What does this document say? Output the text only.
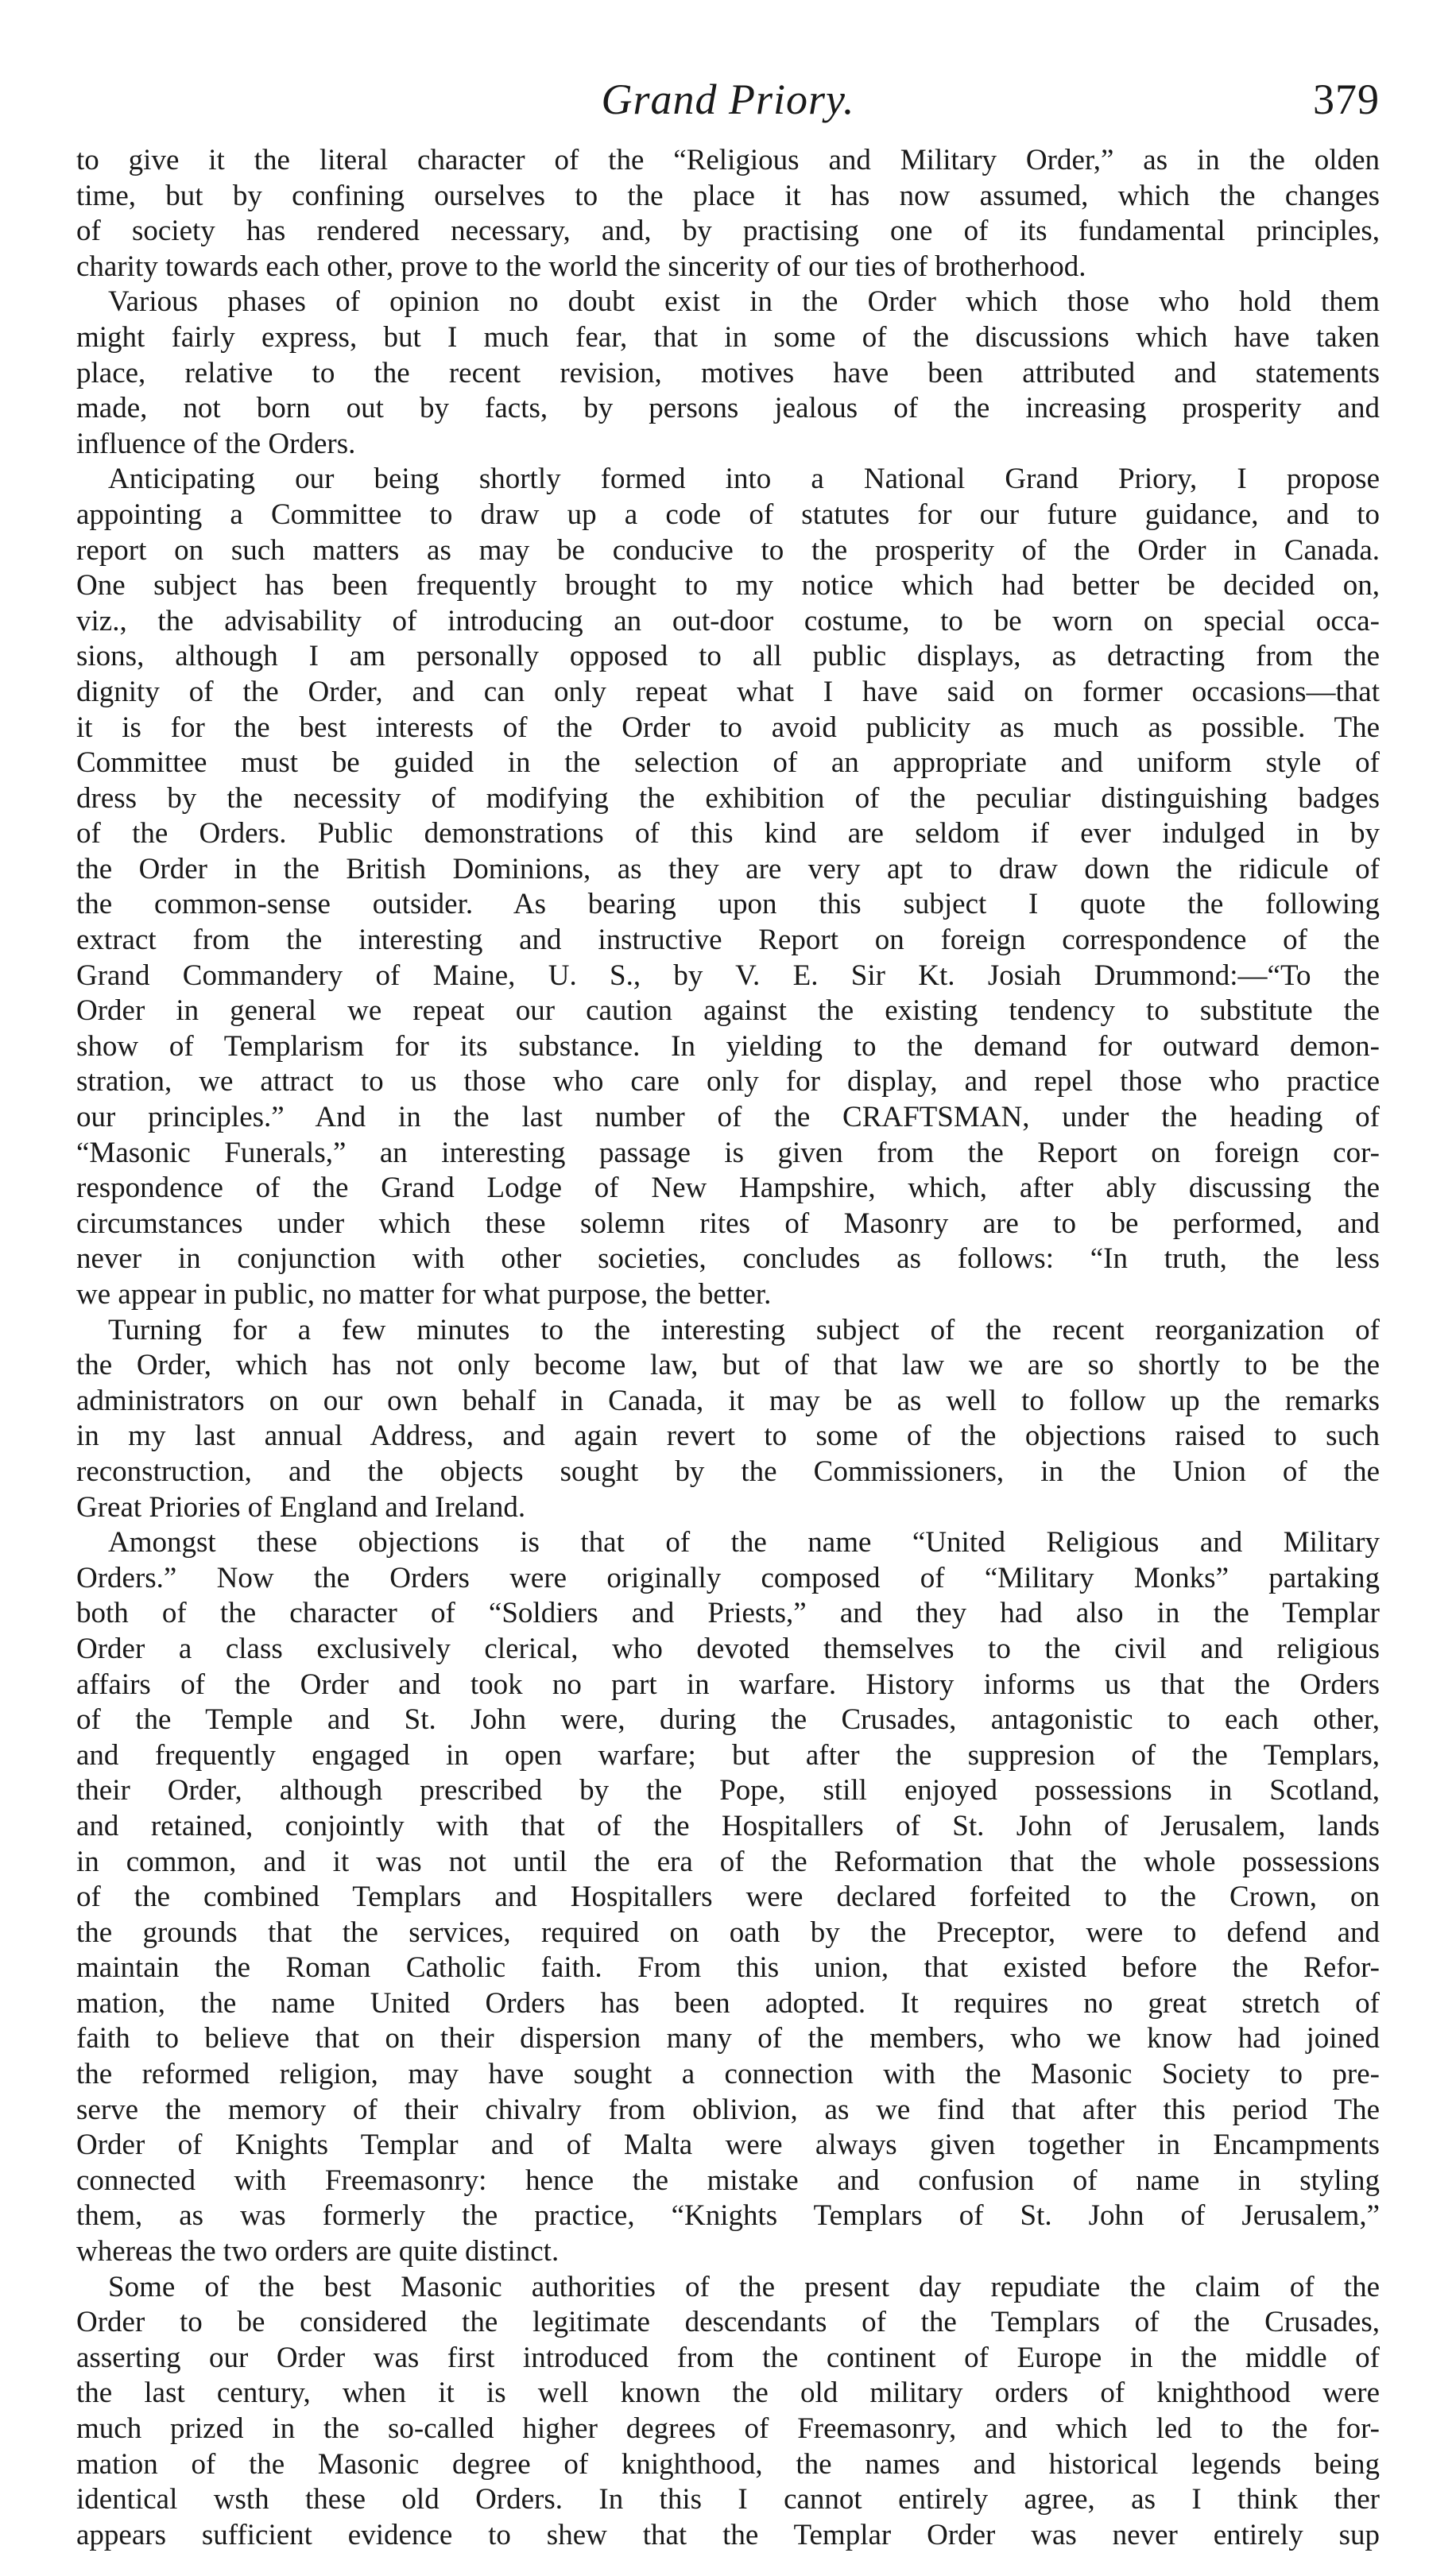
Grand Priory.	379
to give it the literal character of the “Religious and Military Order,” as in the olden
time, but by confining ourselves to the place it has now assumed, which the changes
of society has rendered necessary, and, by practising one of its fundamental principles,
charity towards each other, prove to the world the sincerity of our ties of brotherhood.
Various phases of opinion no doubt exist in the Order which those who hold them
might fairly express, but I much fear, that in some of the discussions which have taken
place, relative to the recent revision, motives have been attributed and statements
made, not born out by facts, by persons jealous of the increasing prosperity and
influence of the Orders.
Anticipating our being shortly formed into a National Grand Priory, I propose
appointing a Committee to draw up a code of statutes for our future guidance, and to
report on such matters as may be conducive to the prosperity of the Order in Canada.
One subject has been frequently brought to my notice which had better be decided on,
viz., the advisability of introducing an out-door costume, to be worn on special occa-
sions, although I am personally opposed to all public displays, as detracting from the
dignity of the Order, and can only repeat what I have said on former occasions—that
it is for the best interests of the Order to avoid publicity as much as possible. The
Committee must be guided in the selection of an appropriate and uniform style of
dress by the necessity of modifying the exhibition of the peculiar distinguishing badges
of the Orders. Public demonstrations of this kind are seldom if ever indulged in by
the Order in the British Dominions, as they are very apt to draw down the ridicule of
the common-sense outsider. As bearing upon this subject I quote the following
extract from the interesting and instructive Report on foreign correspondence of the
Grand Commandery of Maine, U. S., by V. E. Sir Kt. Josiah Drummond:—“To the
Order in general we repeat our caution against the existing tendency to substitute the
show of Templarism for its substance. In yielding to the demand for outward demon-
stration, we attract to us those who care only for display, and repel those who practice
our principles.” And in the last number of the CRAFTSMAN, under the heading of
“Masonic Funerals,” an interesting passage is given from the Report on foreign cor-
respondence of the Grand Lodge of New Hampshire, which, after ably discussing the
circumstances under which these solemn rites of Masonry are to be performed, and
never in conjunction with other societies, concludes as follows: “In truth, the less
we appear in public, no matter for what purpose, the better.
Turning for a few minutes to the interesting subject of the recent reorganization of
the Order, which has not only become law, but of that law we are so shortly to be the
administrators on our own behalf in Canada, it may be as well to follow up the remarks
in my last annual Address, and again revert to some of the objections raised to such
reconstruction, and the objects sought by the Commissioners, in the Union of the
Great Priories of England and Ireland.
Amongst these objections is that of the name “United Religious and Military
Orders.” Now the Orders were originally composed of “Military Monks” partaking
both of the character of “Soldiers and Priests,” and they had also in the Templar
Order a class exclusively clerical, who devoted themselves to the civil and religious
affairs of the Order and took no part in warfare. History informs us that the Orders
of the Temple and St. John were, during the Crusades, antagonistic to each other,
and frequently engaged in open warfare; but after the suppresion of the Templars,
their Order, although prescribed by the Pope, still enjoyed possessions in Scotland,
and retained, conjointly with that of the Hospitallers of St. John of Jerusalem, lands
in common, and it was not until the era of the Reformation that the whole possessions
of the combined Templars and Hospitallers were declared forfeited to the Crown, on
the grounds that the services, required on oath by the Preceptor, were to defend and
maintain the Roman Catholic faith. From this union, that existed before the Refor-
mation, the name United Orders has been adopted. It requires no great stretch of
faith to believe that on their dispersion many of the members, who we know had joined
the reformed religion, may have sought a connection with the Masonic Society to pre-
serve the memory of their chivalry from oblivion, as we find that after this period The
Order of Knights Templar and of Malta were always given together in Encampments
connected with Freemasonry: hence the mistake and confusion of name in styling
them, as was formerly the practice, “Knights Templars of St. John of Jerusalem,”
whereas the two orders are quite distinct.
Some of the best Masonic authorities of the present day repudiate the claim of the
Order to be considered the legitimate descendants of the Templars of the Crusades,
asserting our Order was first introduced from the continent of Europe in the middle of
the last century, when it is well known the old military orders of knighthood were
much prized in the so-called higher degrees of Freemasonry, and which led to the for-
mation of the Masonic degree of knighthood, the names and historical legends being
identical wsth these old Orders. In this I cannot entirely agree, as I think ther
appears sufficient evidence to shew that the Templar Order was never entirely sup
